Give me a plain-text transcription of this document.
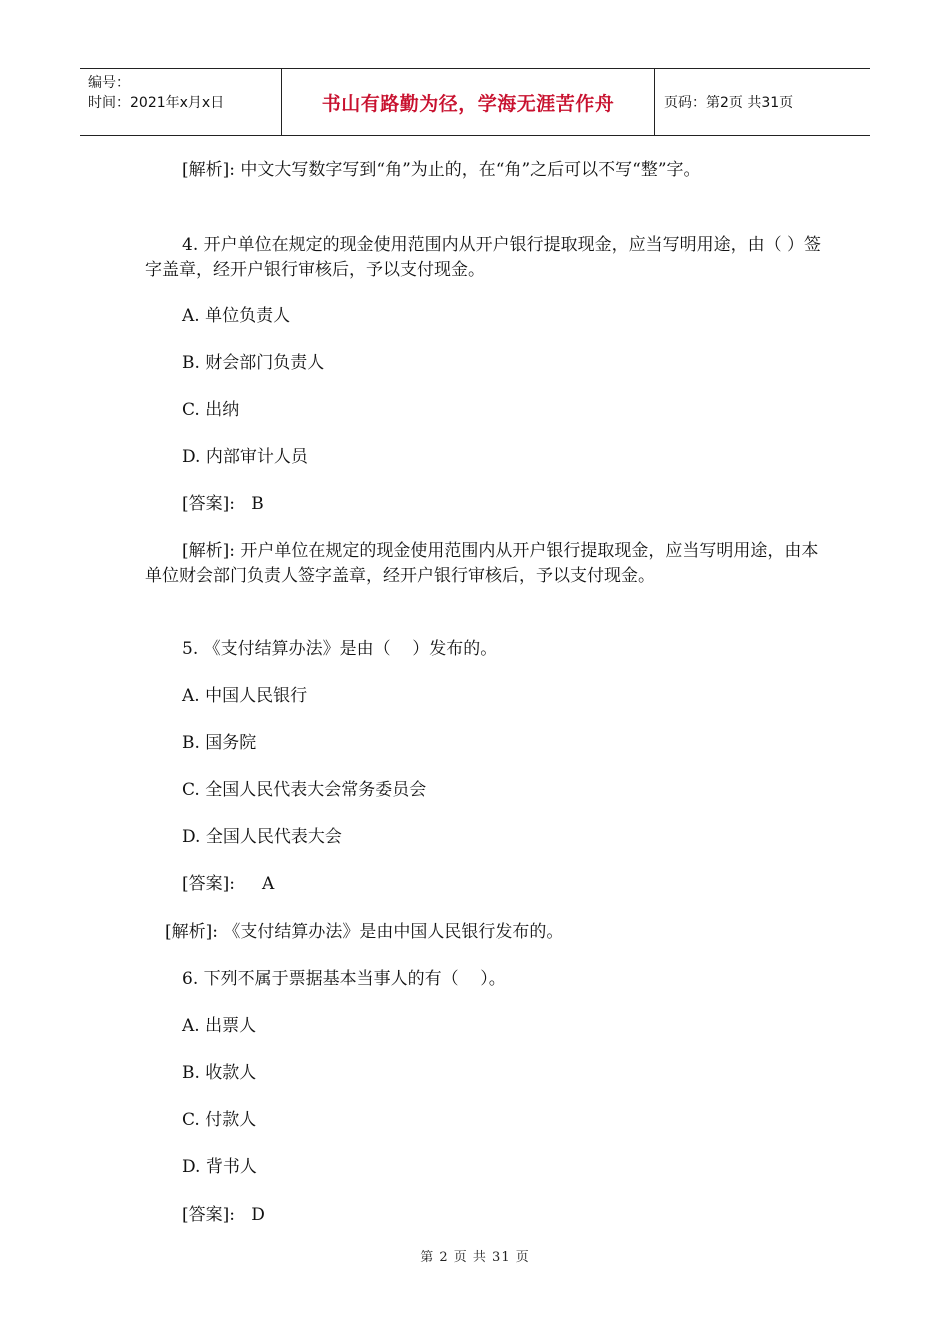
编号：
时间：2021年x月x日	书山有路勤为径，学海无涯苦作舟	页码：第2页 共31页

[解析]: 中文大写数字写到“角”为止的，在“角”之后可以不写“整”字。

4. 开户单位在规定的现金使用范围内从开户银行提取现金，应当写明用途，由（ ）签字盖章，经开户银行审核后，予以支付现金。

A. 单位负责人

B. 财会部门负责人

C. 出纳

D. 内部审计人员

[答案]:   B

[解析]: 开户单位在规定的现金使用范围内从开户银行提取现金，应当写明用途，由本单位财会部门负责人签字盖章，经开户银行审核后，予以支付现金。

5. 《支付结算办法》是由（    ）发布的。

A. 中国人民银行

B. 国务院

C. 全国人民代表大会常务委员会

D. 全国人民代表大会

[答案]:     A

[解析]: 《支付结算办法》是由中国人民银行发布的。

6. 下列不属于票据基本当事人的有（    ）。

A. 出票人

B. 收款人

C. 付款人

D. 背书人

[答案]:   D

第 2 页 共 31 页
